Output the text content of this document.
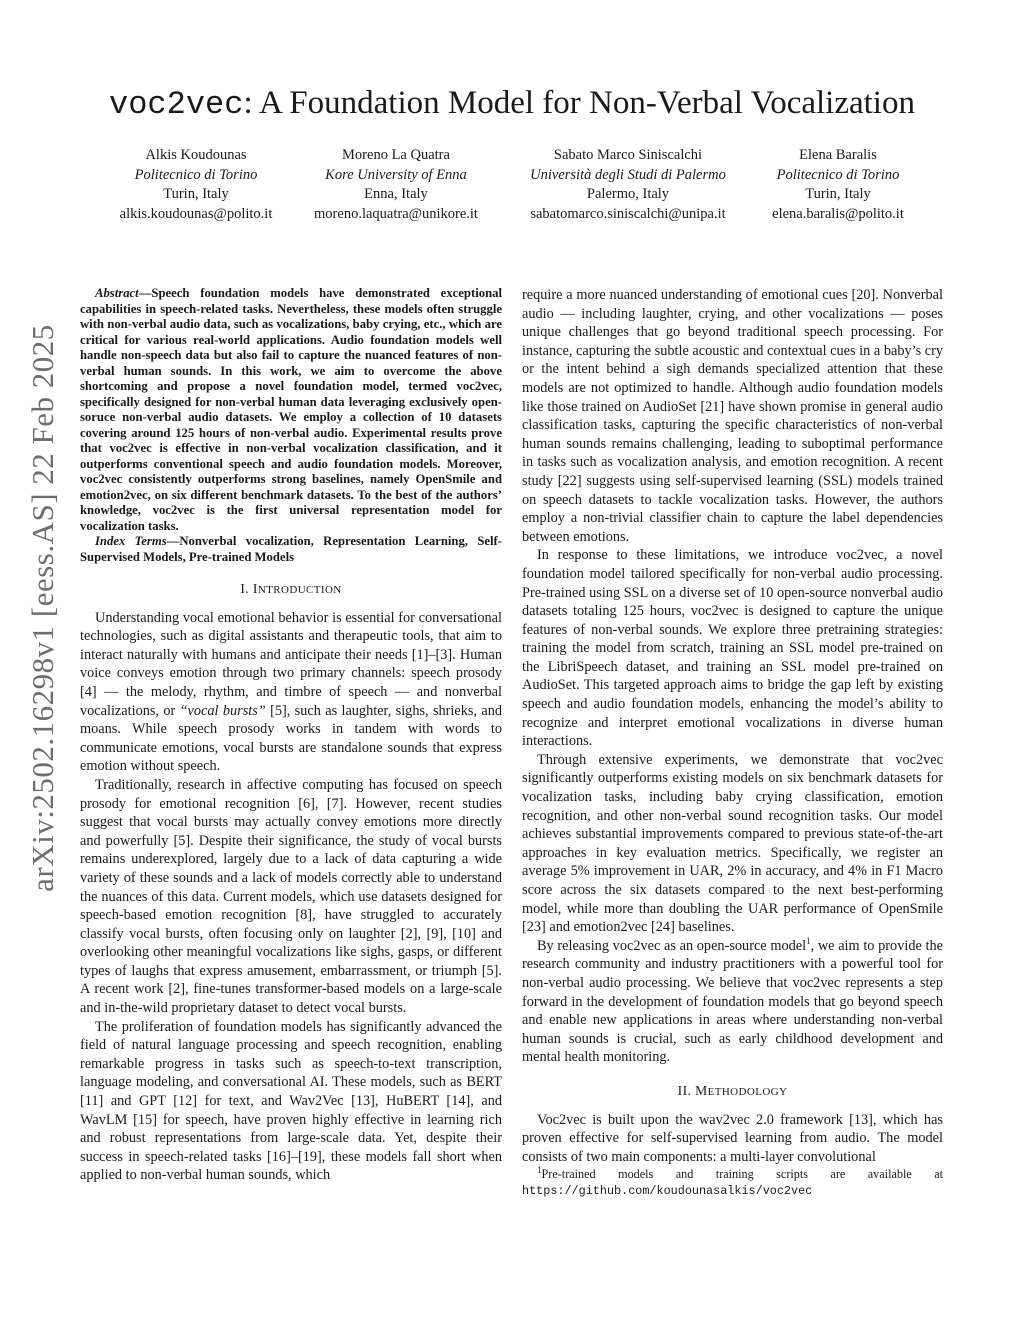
arXiv:2502.16298v1 [eess.AS] 22 Feb 2025
voc2vec: A Foundation Model for Non-Verbal Vocalization
Alkis Koudounas
Politecnico di Torino
Turin, Italy
alkis.koudounas@polito.it
Moreno La Quatra
Kore University of Enna
Enna, Italy
moreno.laquatra@unikore.it
Sabato Marco Siniscalchi
Università degli Studi di Palermo
Palermo, Italy
sabatomarco.siniscalchi@unipa.it
Elena Baralis
Politecnico di Torino
Turin, Italy
elena.baralis@polito.it

Abstract—Speech foundation models have demonstrated exceptional capabilities in speech-related tasks. Nevertheless, these models often struggle with non-verbal audio data, such as vocalizations, baby crying, etc., which are critical for various real-world applications. Audio foundation models well handle non-speech data but also fail to capture the nuanced features of non-verbal human sounds. In this work, we aim to overcome the above shortcoming and propose a novel foundation model, termed voc2vec, specifically designed for non-verbal human data leveraging exclusively open-soruce non-verbal audio datasets. We employ a collection of 10 datasets covering around 125 hours of non-verbal audio. Experimental results prove that voc2vec is effective in non-verbal vocalization classification, and it outperforms conventional speech and audio foundation models. Moreover, voc2vec consistently outperforms strong baselines, namely OpenSmile and emotion2vec, on six different benchmark datasets. To the best of the authors’ knowledge, voc2vec is the first universal representation model for vocalization tasks.

Index Terms—Nonverbal vocalization, Representation Learning, Self-Supervised Models, Pre-trained Models

I. INTRODUCTION

Understanding vocal emotional behavior is essential for conversational technologies, such as digital assistants and therapeutic tools, that aim to interact naturally with humans and anticipate their needs [1]–[3]. Human voice conveys emotion through two primary channels: speech prosody [4] — the melody, rhythm, and timbre of speech — and nonverbal vocalizations, or “vocal bursts” [5], such as laughter, sighs, shrieks, and moans. While speech prosody works in tandem with words to communicate emotions, vocal bursts are standalone sounds that express emotion without speech.

Traditionally, research in affective computing has focused on speech prosody for emotional recognition [6], [7]. However, recent studies suggest that vocal bursts may actually convey emotions more directly and powerfully [5]. Despite their significance, the study of vocal bursts remains underexplored, largely due to a lack of data capturing a wide variety of these sounds and a lack of models correctly able to understand the nuances of this data. Current models, which use datasets designed for speech-based emotion recognition [8], have struggled to accurately classify vocal bursts, often focusing only on laughter [2], [9], [10] and overlooking other meaningful vocalizations like sighs, gasps, or different types of laughs that express amusement, embarrassment, or triumph [5]. A recent work [2], fine-tunes transformer-based models on a large-scale and in-the-wild proprietary dataset to detect vocal bursts.

The proliferation of foundation models has significantly advanced the field of natural language processing and speech recognition, enabling remarkable progress in tasks such as speech-to-text transcription, language modeling, and conversational AI. These models, such as BERT [11] and GPT [12] for text, and Wav2Vec [13], HuBERT [14], and WavLM [15] for speech, have proven highly effective in learning rich and robust representations from large-scale data. Yet, despite their success in speech-related tasks [16]–[19], these models fall short when applied to non-verbal human sounds, which

require a more nuanced understanding of emotional cues [20]. Nonverbal audio — including laughter, crying, and other vocalizations — poses unique challenges that go beyond traditional speech processing. For instance, capturing the subtle acoustic and contextual cues in a baby’s cry or the intent behind a sigh demands specialized attention that these models are not optimized to handle. Although audio foundation models like those trained on AudioSet [21] have shown promise in general audio classification tasks, capturing the specific characteristics of non-verbal human sounds remains challenging, leading to suboptimal performance in tasks such as vocalization analysis, and emotion recognition. A recent study [22] suggests using self-supervised learning (SSL) models trained on speech datasets to tackle vocalization tasks. However, the authors employ a non-trivial classifier chain to capture the label dependencies between emotions.

In response to these limitations, we introduce voc2vec, a novel foundation model tailored specifically for non-verbal audio processing. Pre-trained using SSL on a diverse set of 10 open-source nonverbal audio datasets totaling 125 hours, voc2vec is designed to capture the unique features of non-verbal sounds. We explore three pretraining strategies: training the model from scratch, training an SSL model pre-trained on the LibriSpeech dataset, and training an SSL model pre-trained on AudioSet. This targeted approach aims to bridge the gap left by existing speech and audio foundation models, enhancing the model’s ability to recognize and interpret emotional vocalizations in diverse human interactions.

Through extensive experiments, we demonstrate that voc2vec significantly outperforms existing models on six benchmark datasets for vocalization tasks, including baby crying classification, emotion recognition, and other non-verbal sound recognition tasks. Our model achieves substantial improvements compared to previous state-of-the-art approaches in key evaluation metrics. Specifically, we register an average 5% improvement in UAR, 2% in accuracy, and 4% in F1 Macro score across the six datasets compared to the next best-performing model, while more than doubling the UAR performance of OpenSmile [23] and emotion2vec [24] baselines.

By releasing voc2vec as an open-source model$^1$, we aim to provide the research community and industry practitioners with a powerful tool for non-verbal audio processing. We believe that voc2vec represents a step forward in the development of foundation models that go beyond speech and enable new applications in areas where understanding non-verbal human sounds is crucial, such as early childhood development and mental health monitoring.

II. METHODOLOGY

Voc2vec is built upon the wav2vec 2.0 framework [13], which has proven effective for self-supervised learning from audio. The model consists of two main components: a multi-layer convolutional

$^1$Pre-trained models and training scripts are available at https://github.com/koudounasalkis/voc2vec
